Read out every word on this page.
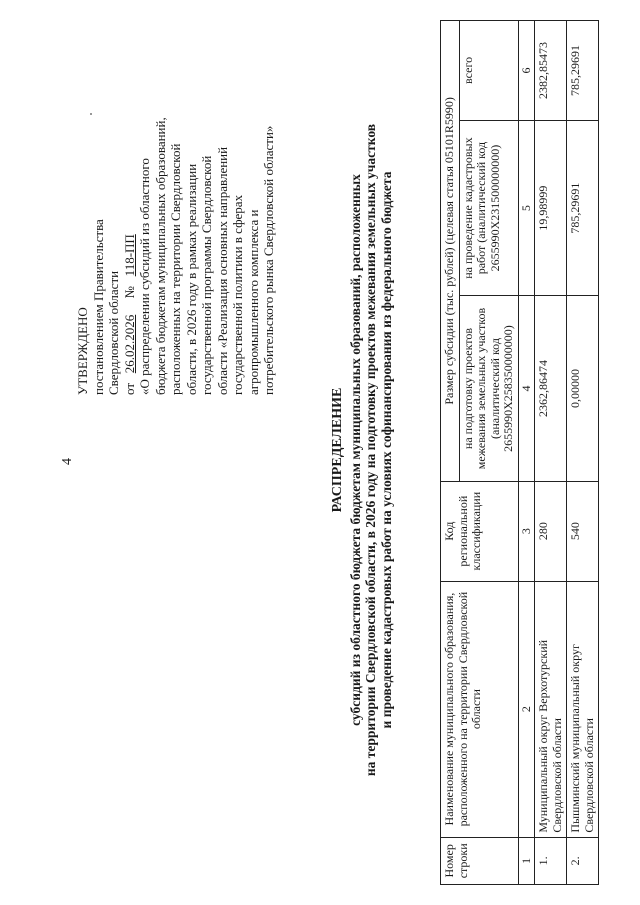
4
УТВЕРЖДЕНО постановлением Правительства Свердловской области от   26.02.2026     №   118-ПП «О распределении субсидий из областного бюджета бюджетам муниципальных образований, расположенных на территории Свердловской области, в 2026 году в рамках реализации государственной программы Свердловской области «Реализация основных направлений государственной политики в сферах агропромышленного комплекса и потребительского рынка Свердловской области»
РАСПРЕДЕЛЕНИЕ субсидий из областного бюджета бюджетам муниципальных образований, расположенных на территории Свердловской области, в 2026 году на подготовку проектов межевания земельных участков и проведение кадастровых работ на условиях софинансирования из федерального бюджета
Номер строки	Наименование муниципального образования, расположенного на территории Свердловской области	Код региональной классификации	Размер субсидии (тыс. рублей) (целевая статья 05101R5990)		
			на подготовку проектов межевания земельных участков (аналитический код 2655990X258350000000)	на проведение кадастровых работ (аналитический код 2655990X231500000000)	всего
1	2	3	4	5	6
1.	Муниципальный округ Верхотурский Свердловской области	280	2362,86474	19,98999	2382,85473
2.	Пышминский муниципальный округ Свердловской области	540	0,00000	785,29691	785,29691
